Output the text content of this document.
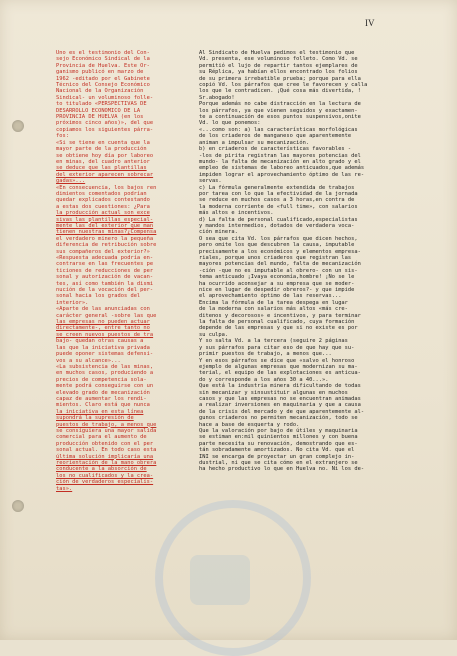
IV
Uno es el testimonio del Con-
sejo Económico Sindical de la
Provincia de Huelva. Este Or-
ganismo publicó en marzo de
1962 -editado por el Gabinete
Técnico del Consejo Económico
Nacional de la Organización
Sindical- un voluminoso folle-
to titulado «PERSPECTIVAS DE
DESARROLLO ECONOMICO DE LA
PROVINCIA DE HUELVA (en los
próximos cinco años)», del que
copiamos los siguientes párra-
fos:
«Si se tiene en cuenta que la
mayor parte de la producción
se obtiene hoy día por laboreo
en minas, del cuadro anterior
se deduce que las plantillas
del exterior aparecen sobrecar
gadas»...
«En consecuencia, los bajos ren
dimientos comentados podrían
quedar explicados contestando
a estas dos cuestiones: ¿Para
la producción actual son exce
sivas las plantillas especial-
mente las del exterior que man
tienen nuestras minas?¿Compensa
el verdadero minero la pequeña
diferencia de retribución sobre
sus compañeros del exterior?»
«Respuesta adecuada podría en-
contrarse en las frecuentes pe
ticiones de reducciones de per
sonal y autorización de vacan-
tes, así como también la dismi
nución de la vocación del per-
sonal hacia los grados del
interior».
«Aparte de las anunciadas con
carácter general -sobre las que
las empresas no pueden actuar
directamente-, entre tanto no
se creen nuevos puestos de tra
bajo- quedan otras causas a
las que la iniciativa privada
puede oponer sistemas defensi-
vos a su alcance»...
«La subsistencia de las minas,
en muchos casos, produciendo a
precios de competencia sola-
mente podrá conseguirse con un
elevado grado de mecanización
capaz de aumentar los rendi-
mientos. Claro está que nunca
la iniciativa en esta línea
supondrá la supresión de
puestos de trabajo, a menos que
se consiguiera una mayor salida
comercial para el aumento de
producción obtenido con el per
sonal actual. En todo caso esta
última solución implicaría una
reorientación de la mano obrera
conducente a la absorción de
los no cualificados y la crea-
ción de verdaderos especialis-
tas».
Al Sindicato de Huelva pedimos el testimonio que
Vd. presenta, ese voluminoso folleto. Como Vd. se
permitió el lujo de repartir tantos ejemplares de
su Réplica, ya habían ellos encontrado los folios
de su primera irrebatible prueba; porque para ella
copió Vd. los párrafos que cree le favorecen y calla
los que le contradicen. ¡Qué cosa más divertida, !
Sr.abogado!
Porque además no cabe distracción en la lectura de
los párrafos, ya que vienen seguidos y exactamen-
te a continuación de esos puntos suspensivos,onite
Vd. lo que ponemos:
«...como son: a) las características morfológicas
de los criaderos de manganeso que aparentemente
animan a impulsar su mecanización.
b) en criaderos de características favorables -
-los de pirita registran las mayores potencias del
mundo- la falta de mecanización en alto grado y el
empleo de sistemas de laboreo anticuados,que además
impiden lograr el aprovechamiento óptimo de las re-
servas.
c) La fórmula generalmente extendida de trabajos
por tarea con lo que la efectividad de la jornada
se reduce en muchos casos a 3 horas,en contra de
la moderna corriente de «full time», con salarios
más altos e incentivos.
d) La falta de personal cualificado,especialistas
y mandos intermedios, dotados de verdadera voca-
ción minera.
O sea que cita Vd. los párrafos que dicen hechos,
pero omite los que descubren la causa, imputable
precisamente a los económicos y elementos empresa-
riales, porque unos criaderos que registran las
mayores potencias del mundo, falta de mecanización
-ción -que no es imputable al obrero- con un sis-
tema anticuado ¡Ivaya economía,hombre! ¡No se le
ha ocurrido aconsejar a su empresa que se moder-
nice en lugar de despedir obreros?- y que impide
el aprovechamiento óptimo de las reservas...
Encima la fórmula de la tarea despega en lugar
de la moderna con salarios más altos «más cre-
ditenos y decorosos» e incentivos, y para terminar
la falta de personal cualificado, cuya formación
depende de las empresas y que si no existe es por
su culpa.
Y so salta Vd. a la tercera (seguire 2 páginas
y sus párrafos para citar eso de que hay que su-
primir puestos de trabajo, a menos que...
Y en esos párrafos se dice que «salvo el honroso
ejemplo de algunas empresas que modernizan su ma-
terial, el equipo de las explotaciones es anticua-
do y corresponde a los años 30 a 40...».
Que está la industria minera dificultando de todas
sin mecanizar y sinsustituir algunas en muchos
casos y que las empresas no se encuentran animadas
a realizar inversiones en maquinaria y que a causa
de la crisis del mercado y de que aparentemente al-
gunos criaderos no permiten mecanización, todo se
hace a base de esquerta y rodo.
Que la valoración por bajo de útiles y maquinaria
se estiman en:mil quinientos millones y con buena
parte necesita su renovación, demostrando que es-
tán sobradamente amortizados. No cita Vd. que el
INI se encarga de proyectar un gran complejo in-
dustrial, ni que se cita cómo en el extranjero se
ha hecho productivo lo que en Huelva no. Ni los de-
